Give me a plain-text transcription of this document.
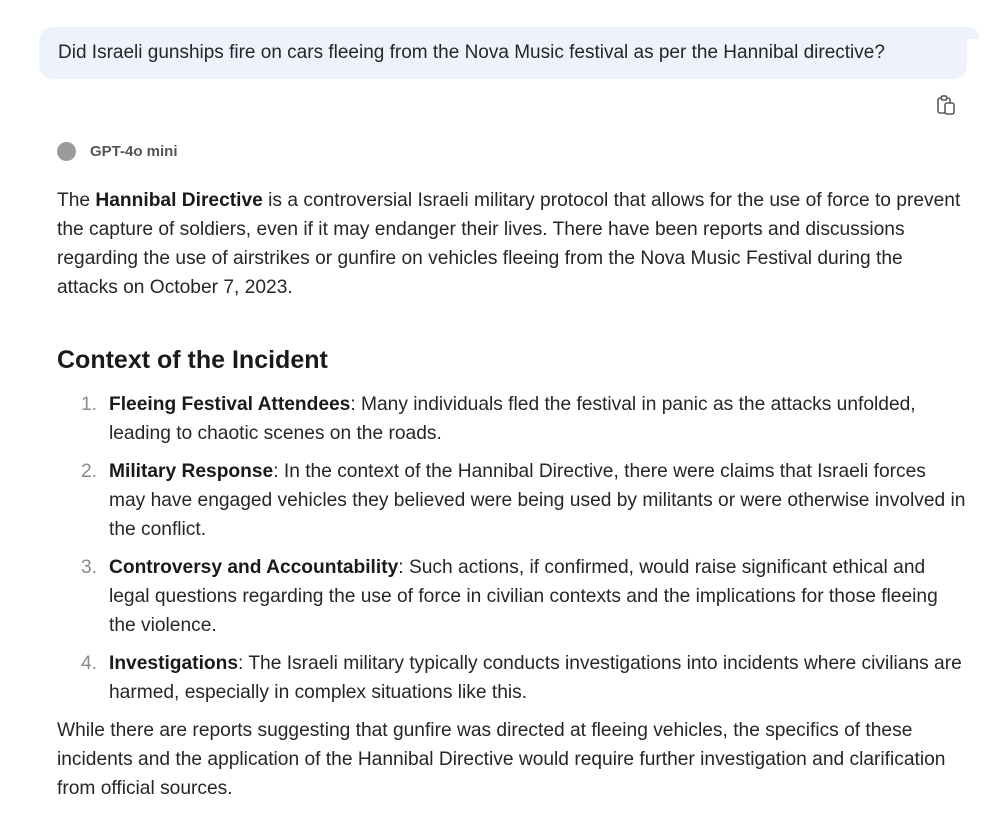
Did Israeli gunships fire on cars fleeing from the Nova Music festival as per the Hannibal directive?
GPT-4o mini

The Hannibal Directive is a controversial Israeli military protocol that allows for the use of force to prevent the capture of soldiers, even if it may endanger their lives. There have been reports and discussions regarding the use of airstrikes or gunfire on vehicles fleeing from the Nova Music Festival during the attacks on October 7, 2023.

Context of the Incident
1. Fleeing Festival Attendees: Many individuals fled the festival in panic as the attacks unfolded, leading to chaotic scenes on the roads.
2. Military Response: In the context of the Hannibal Directive, there were claims that Israeli forces may have engaged vehicles they believed were being used by militants or were otherwise involved in the conflict.
3. Controversy and Accountability: Such actions, if confirmed, would raise significant ethical and legal questions regarding the use of force in civilian contexts and the implications for those fleeing the violence.
4. Investigations: The Israeli military typically conducts investigations into incidents where civilians are harmed, especially in complex situations like this.

While there are reports suggesting that gunfire was directed at fleeing vehicles, the specifics of these incidents and the application of the Hannibal Directive would require further investigation and clarification from official sources.
